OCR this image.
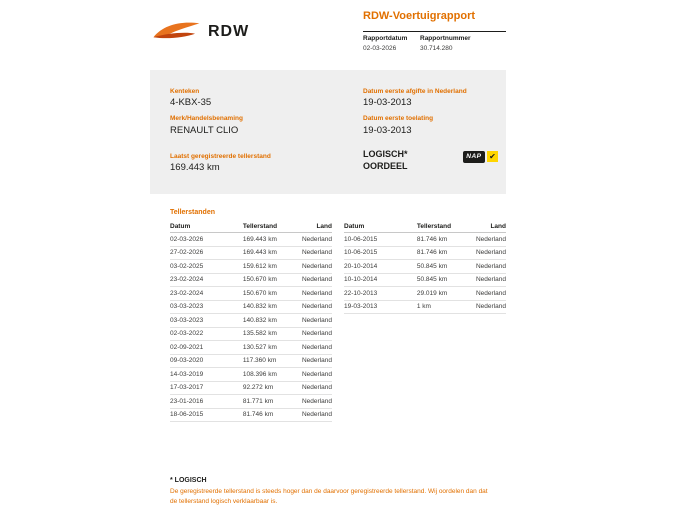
RDW
RDW-Voertuigrapport
Rapportdatum
02-03-2026
Rapportnummer
30.714.280
Kenteken
4-KBX-35
Merk/Handelsbenaming
RENAULT CLIO
Laatst geregistreerde tellerstand
169.443 km
Datum eerste afgifte in Nederland
19-03-2013
Datum eerste toelating
19-03-2013
LOGISCH*
OORDEEL
NAP ✔
Tellerstanden
Datum	Tellerstand	Land
02-03-2026	169.443 km	Nederland
27-02-2026	169.443 km	Nederland
03-02-2025	159.612 km	Nederland
23-02-2024	150.670 km	Nederland
23-02-2024	150.670 km	Nederland
03-03-2023	140.832 km	Nederland
03-03-2023	140.832 km	Nederland
02-03-2022	135.582 km	Nederland
02-09-2021	130.527 km	Nederland
09-03-2020	117.360 km	Nederland
14-03-2019	108.396 km	Nederland
17-03-2017	92.272 km	Nederland
23-01-2016	81.771 km	Nederland
18-06-2015	81.746 km	Nederland
Datum	Tellerstand	Land
10-06-2015	81.746 km	Nederland
10-06-2015	81.746 km	Nederland
20-10-2014	50.845 km	Nederland
10-10-2014	50.845 km	Nederland
22-10-2013	29.019 km	Nederland
19-03-2013	1 km	Nederland
* LOGISCH
De geregistreerde tellerstand is steeds hoger dan de daarvoor geregistreerde tellerstand. Wij oordelen dan dat de tellerstand logisch verklaarbaar is.
